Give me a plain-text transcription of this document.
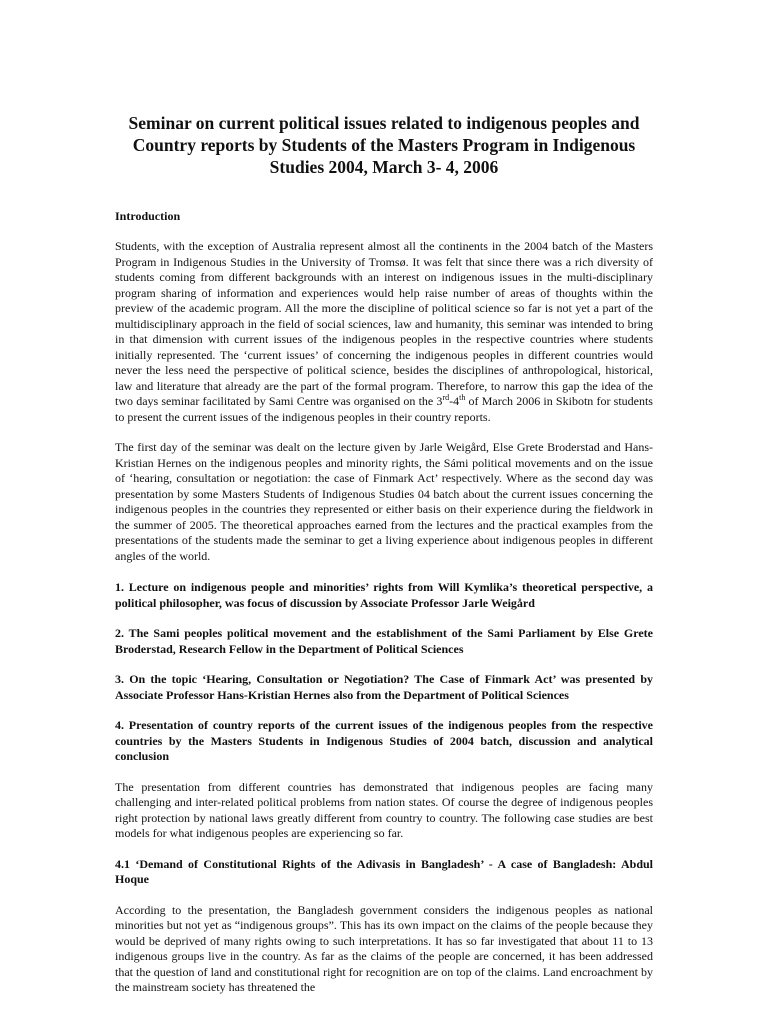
Seminar on current political issues related to indigenous peoples and Country reports by Students of the Masters Program in Indigenous Studies 2004, March 3- 4, 2006
Introduction

Students, with the exception of Australia represent almost all the continents in the 2004 batch of the Masters Program in Indigenous Studies in the University of Tromsø. It was felt that since there was a rich diversity of students coming from different backgrounds with an interest on indigenous issues in the multi-disciplinary program sharing of information and experiences would help raise number of areas of thoughts within the preview of the academic program. All the more the discipline of political science so far is not yet a part of the multidisciplinary approach in the field of social sciences, law and humanity, this seminar was intended to bring in that dimension with current issues of the indigenous peoples in the respective countries where students initially represented. The ‘current issues’ of concerning the indigenous peoples in different countries would never the less need the perspective of political science, besides the disciplines of anthropological, historical, law and literature that already are the part of the formal program. Therefore, to narrow this gap the idea of the two days seminar facilitated by Sami Centre was organised on the 3rd-4th of March 2006 in Skibotn for students to present the current issues of the indigenous peoples in their country reports.

The first day of the seminar was dealt on the lecture given by Jarle Weigård, Else Grete Broderstad and Hans-Kristian Hernes on the indigenous peoples and minority rights, the Sámi political movements and on the issue of ‘hearing, consultation or negotiation: the case of Finmark Act’ respectively. Where as the second day was presentation by some Masters Students of Indigenous Studies 04 batch about the current issues concerning the indigenous peoples in the countries they represented or either basis on their experience during the fieldwork in the summer of 2005. The theoretical approaches earned from the lectures and the practical examples from the presentations of the students made the seminar to get a living experience about indigenous peoples in different angles of the world.

1. Lecture on indigenous people and minorities’ rights from Will Kymlika’s theoretical perspective, a political philosopher, was focus of discussion by Associate Professor Jarle Weigård

2. The Sami peoples political movement and the establishment of the Sami Parliament by Else Grete Broderstad, Research Fellow in the Department of Political Sciences

3. On the topic ‘Hearing, Consultation or Negotiation? The Case of Finmark Act’ was presented by Associate Professor Hans-Kristian Hernes also from the Department of Political Sciences

4. Presentation of country reports of the current issues of the indigenous peoples from the respective countries by the Masters Students in Indigenous Studies of 2004 batch, discussion and analytical conclusion

The presentation from different countries has demonstrated that indigenous peoples are facing many challenging and inter-related political problems from nation states. Of course the degree of indigenous peoples right protection by national laws greatly different from country to country. The following case studies are best models for what indigenous peoples are experiencing so far.

4.1 ‘Demand of Constitutional Rights of the Adivasis in Bangladesh’ - A case of Bangladesh: Abdul Hoque

According to the presentation, the Bangladesh government considers the indigenous peoples as national minorities but not yet as “indigenous groups”. This has its own impact on the claims of the people because they would be deprived of many rights owing to such interpretations. It has so far investigated that about 11 to 13 indigenous groups live in the country. As far as the claims of the people are concerned, it has been addressed that the question of land and constitutional right for recognition are on top of the claims. Land encroachment by the mainstream society has threatened the
